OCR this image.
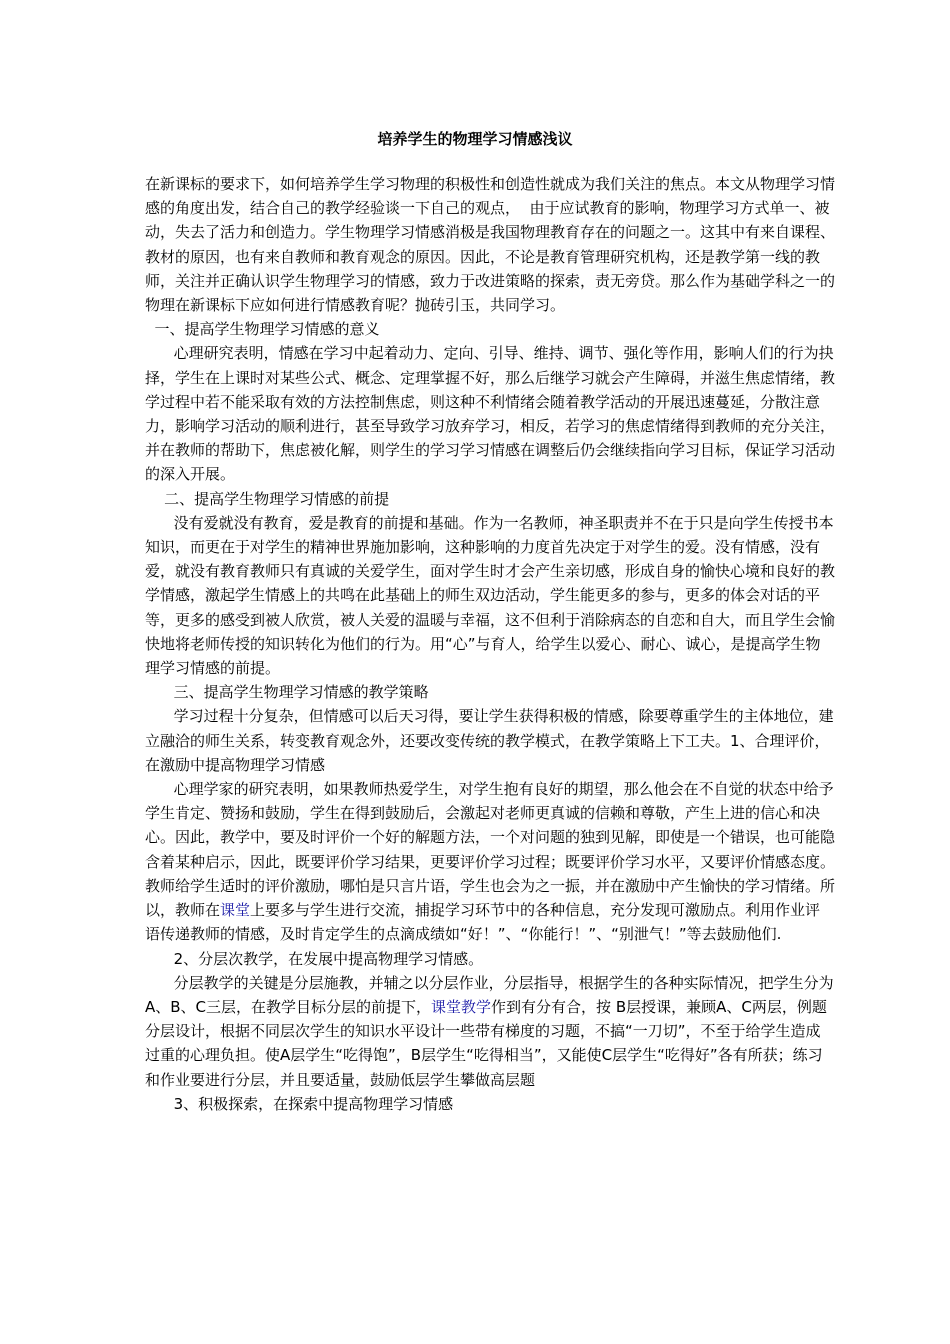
培养学生的物理学习情感浅议

在新课标的要求下，如何培养学生学习物理的积极性和创造性就成为我们关注的焦点。本文从物理学习情感的角度出发，结合自己的教学经验谈一下自己的观点，  由于应试教育的影响，物理学习方式单一、被动，失去了活力和创造力。学生物理学习情感消极是我国物理教育存在的问题之一。这其中有来自课程、教材的原因，也有来自教师和教育观念的原因。因此，不论是教育管理研究机构，还是教学第一线的教师，关注并正确认识学生物理学习的情感，致力于改进策略的探索，责无旁贷。那么作为基础学科之一的物理在新课标下应如何进行情感教育呢？抛砖引玉，共同学习。

一、提高学生物理学习情感的意义

心理研究表明，情感在学习中起着动力、定向、引导、维持、调节、强化等作用，影响人们的行为抉择，学生在上课时对某些公式、概念、定理掌握不好，那么后继学习就会产生障碍，并滋生焦虑情绪，教学过程中若不能采取有效的方法控制焦虑，则这种不利情绪会随着教学活动的开展迅速蔓延，分散注意力，影响学习活动的顺利进行，甚至导致学习放弃学习，相反，若学习的焦虑情绪得到教师的充分关注，并在教师的帮助下，焦虑被化解，则学生的学习学习情感在调整后仍会继续指向学习目标，保证学习活动的深入开展。

二、提高学生物理学习情感的前提

没有爱就没有教育，爱是教育的前提和基础。作为一名教师，神圣职责并不在于只是向学生传授书本知识，而更在于对学生的精神世界施加影响，这种影响的力度首先决定于对学生的爱。没有情感，没有爱，就没有教育教师只有真诚的关爱学生，面对学生时才会产生亲切感，形成自身的愉快心境和良好的教学情感，激起学生情感上的共鸣在此基础上的师生双边活动，学生能更多的参与，更多的体会对话的平等，更多的感受到被人欣赏，被人关爱的温暖与幸福，这不但利于消除病态的自恋和自大，而且学生会愉快地将老师传授的知识转化为他们的行为。用“心”与育人，给学生以爱心、耐心、诚心，是提高学生物理学习情感的前提。

三、提高学生物理学习情感的教学策略

学习过程十分复杂，但情感可以后天习得，要让学生获得积极的情感，除要尊重学生的主体地位，建立融洽的师生关系，转变教育观念外，还要改变传统的教学模式，在教学策略上下工夫。1、合理评价，在激励中提高物理学习情感

心理学家的研究表明，如果教师热爱学生，对学生抱有良好的期望，那么他会在不自觉的状态中给予学生肯定、赞扬和鼓励，学生在得到鼓励后，会激起对老师更真诚的信赖和尊敬，产生上进的信心和决心。因此，教学中，要及时评价一个好的解题方法，一个对问题的独到见解，即使是一个错误，也可能隐含着某种启示，因此，既要评价学习结果，更要评价学习过程；既要评价学习水平，又要评价情感态度。教师给学生适时的评价激励，哪怕是只言片语，学生也会为之一振，并在激励中产生愉快的学习情绪。所以，教师在课堂上要多与学生进行交流，捕捉学习环节中的各种信息，充分发现可激励点。利用作业评语传递教师的情感，及时肯定学生的点滴成绩如“好！”、“你能行！”、“别泄气！”等去鼓励他们.

2、分层次教学，在发展中提高物理学习情感。

分层教学的关键是分层施教，并辅之以分层作业，分层指导，根据学生的各种实际情况，把学生分为A、B、C三层，在教学目标分层的前提下，课堂教学作到有分有合，按 B层授课，兼顾A、C两层，例题分层设计，根据不同层次学生的知识水平设计一些带有梯度的习题，不搞“一刀切”，不至于给学生造成过重的心理负担。使A层学生“吃得饱”，B层学生“吃得相当”，又能使C层学生“吃得好”各有所获；练习和作业要进行分层，并且要适量，鼓励低层学生攀做高层题

3、积极探索，在探索中提高物理学习情感
